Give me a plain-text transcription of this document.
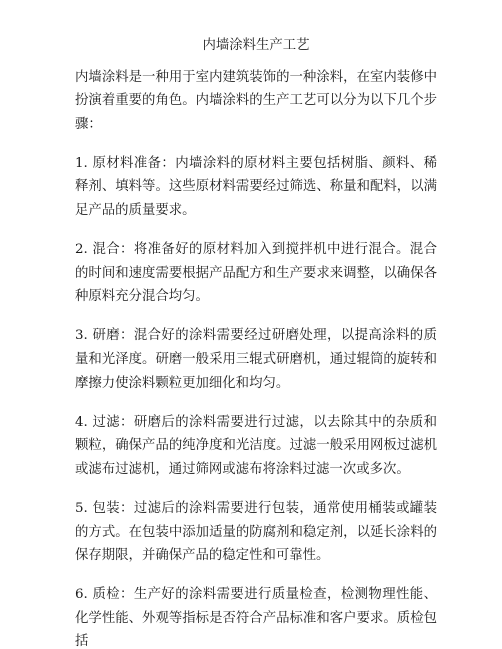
内墙涂料生产工艺

内墙涂料是一种用于室内建筑装饰的一种涂料，在室内装修中扮演着重要的角色。内墙涂料的生产工艺可以分为以下几个步骤：

1. 原材料准备：内墙涂料的原材料主要包括树脂、颜料、稀释剂、填料等。这些原材料需要经过筛选、称量和配料，以满足产品的质量要求。

2. 混合：将准备好的原材料加入到搅拌机中进行混合。混合的时间和速度需要根据产品配方和生产要求来调整，以确保各种原料充分混合均匀。

3. 研磨：混合好的涂料需要经过研磨处理，以提高涂料的质量和光泽度。研磨一般采用三辊式研磨机，通过辊筒的旋转和摩擦力使涂料颗粒更加细化和均匀。

4. 过滤：研磨后的涂料需要进行过滤，以去除其中的杂质和颗粒，确保产品的纯净度和光洁度。过滤一般采用网板过滤机或滤布过滤机，通过筛网或滤布将涂料过滤一次或多次。

5. 包装：过滤后的涂料需要进行包装，通常使用桶装或罐装的方式。在包装中添加适量的防腐剂和稳定剂，以延长涂料的保存期限，并确保产品的稳定性和可靠性。

6. 质检：生产好的涂料需要进行质量检查，检测物理性能、化学性能、外观等指标是否符合产品标准和客户要求。质检包括
